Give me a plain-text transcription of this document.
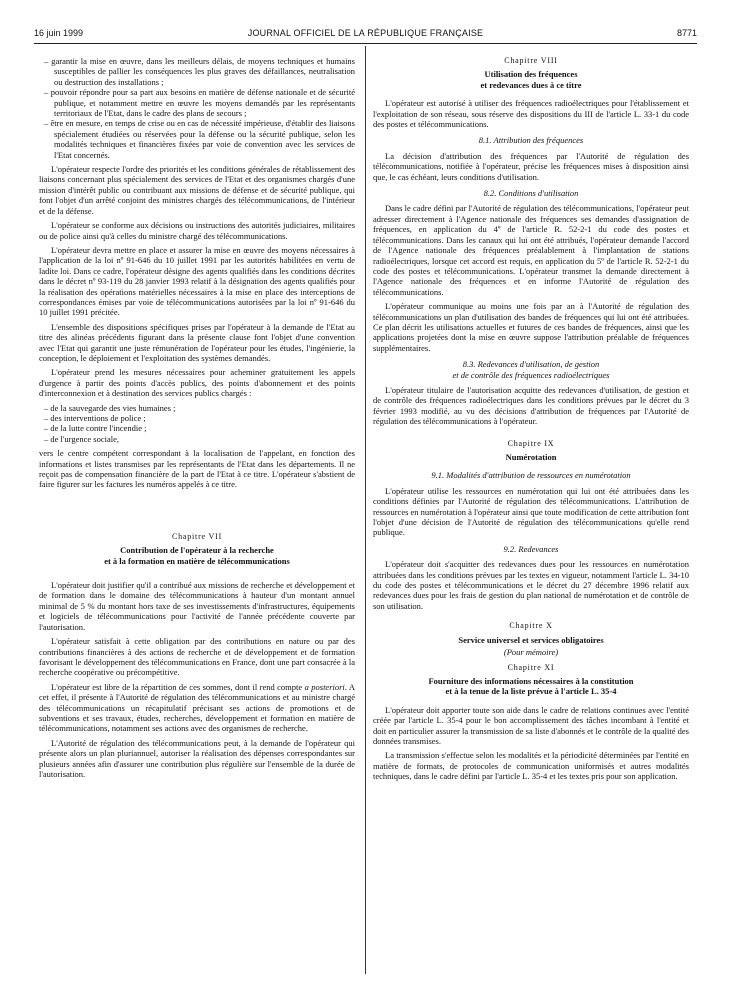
16 juin 1999	JOURNAL OFFICIEL DE LA RÉPUBLIQUE FRANÇAISE	8771

– garantir la mise en œuvre, dans les meilleurs délais, de moyens techniques et humains susceptibles de pallier les conséquences les plus graves des défaillances, neutralisation ou destruction des installations ;

– pouvoir répondre pour sa part aux besoins en matière de défense nationale et de sécurité publique, et notamment mettre en œuvre les moyens demandés par les représentants territoriaux de l'Etat, dans le cadre des plans de secours ;

– être en mesure, en temps de crise ou en cas de nécessité impérieuse, d'établir des liaisons spécialement étudiées ou réservées pour la défense ou la sécurité publique, selon les modalités techniques et financières fixées par voie de convention avec les services de l'Etat concernés.

L'opérateur respecte l'ordre des priorités et les conditions générales de rétablissement des liaisons concernant plus spécialement des services de l'Etat et des organismes chargés d'une mission d'intérêt public ou contribuant aux missions de défense et de sécurité publique, qui font l'objet d'un arrêté conjoint des ministres chargés des télécommunications, de l'intérieur et de la défense.

L'opérateur se conforme aux décisions ou instructions des autorités judiciaires, militaires ou de police ainsi qu'à celles du ministre chargé des télécommunications.

L'opérateur devra mettre en place et assurer la mise en œuvre des moyens nécessaires à l'application de la loi nº 91-646 du 10 juillet 1991 par les autorités habilitées en vertu de ladite loi. Dans ce cadre, l'opérateur désigne des agents qualifiés dans les conditions décrites dans le décret nº 93-119 du 28 janvier 1993 relatif à la désignation des agents qualifiés pour la réalisation des opérations matérielles nécessaires à la mise en place des interceptions de correspondances émises par voie de télécommunications autorisées par la loi nº 91-646 du 10 juillet 1991 précitée.

L'ensemble des dispositions spécifiques prises par l'opérateur à la demande de l'Etat au titre des alinéas précédents figurant dans la présente clause font l'objet d'une convention avec l'Etat qui garantit une juste rémunération de l'opérateur pour les études, l'ingénierie, la conception, le déploiement et l'exploitation des systèmes demandés.

L'opérateur prend les mesures nécessaires pour acheminer gratuitement les appels d'urgence à partir des points d'accès publics, des points d'abonnement et des points d'interconnexion et à destination des services publics chargés :

– de la sauvegarde des vies humaines ;

– des interventions de police ;

– de la lutte contre l'incendie ;

– de l'urgence sociale,

vers le centre compétent correspondant à la localisation de l'appelant, en fonction des informations et listes transmises par les représentants de l'Etat dans les départements. Il ne reçoit pas de compensation financière de la part de l'Etat à ce titre. L'opérateur s'abstient de faire figurer sur les factures les numéros appelés à ce titre.

Chapitre VII

Contribution de l'opérateur à la recherche
et à la formation en matière de télécommunications

L'opérateur doit justifier qu'il a contribué aux missions de recherche et développement et de formation dans le domaine des télécommunications à hauteur d'un montant annuel minimal de 5 % du montant hors taxe de ses investissements d'infrastructures, équipements et logiciels de télécommunications pour l'activité de l'année précédente couverte par l'autorisation.

L'opérateur satisfait à cette obligation par des contributions en nature ou par des contributions financières à des actions de recherche et de développement et de formation favorisant le développement des télécommunications en France, dont une part consacrée à la recherche coopérative ou précompétitive.

L'opérateur est libre de la répartition de ces sommes, dont il rend compte a posteriori. A cet effet, il présente à l'Autorité de régulation des télécommunications et au ministre chargé des télécommunications un récapitulatif précisant ses actions de promotions et de subventions et ses travaux, études, recherches, développement et formation en matière de télécommunications, notamment ses actions avec des organismes de recherche.

L'Autorité de régulation des télécommunications peut, à la demande de l'opérateur qui présente alors un plan pluriannuel, autoriser la réalisation des dépenses correspondantes sur plusieurs années afin d'assurer une contribution plus régulière sur l'ensemble de la durée de l'autorisation.

Chapitre VIII

Utilisation des fréquences
et redevances dues à ce titre

L'opérateur est autorisé à utiliser des fréquences radioélectriques pour l'établissement et l'exploitation de son réseau, sous réserve des dispositions du III de l'article L. 33-1 du code des postes et télécommunications.

8.1. Attribution des fréquences

La décision d'attribution des fréquences par l'Autorité de régulation des télécommunications, notifiée à l'opérateur, précise les fréquences mises à disposition ainsi que, le cas échéant, leurs conditions d'utilisation.

8.2. Conditions d'utilisation

Dans le cadre défini par l'Autorité de régulation des télécommunications, l'opérateur peut adresser directement à l'Agence nationale des fréquences ses demandes d'assignation de fréquences, en application du 4º de l'article R. 52-2-1 du code des postes et télécommunications. Dans les canaux qui lui ont été attribués, l'opérateur demande l'accord de l'Agence nationale des fréquences préalablement à l'implantation de stations radioélectriques, lorsque cet accord est requis, en application du 5º de l'article R. 52-2-1 du code des postes et télécommunications. L'opérateur transmet la demande directement à l'Agence nationale des fréquences et en informe l'Autorité de régulation des télécommunications.

L'opérateur communique au moins une fois par an à l'Autorité de régulation des télécommunications un plan d'utilisation des bandes de fréquences qui lui ont été attribuées. Ce plan décrit les utilisations actuelles et futures de ces bandes de fréquences, ainsi que les applications projetées dont la mise en œuvre suppose l'attribution préalable de fréquences supplémentaires.

8.3. Redevances d'utilisation, de gestion
et de contrôle des fréquences radioélectriques

L'opérateur titulaire de l'autorisation acquitte des redevances d'utilisation, de gestion et de contrôle des fréquences radioélectriques dans les conditions prévues par le décret du 3 février 1993 modifié, au vu des décisions d'attribution de fréquences par l'Autorité de régulation des télécommunications à l'opérateur.

Chapitre IX

Numérotation

9.1. Modalités d'attribution de ressources en numérotation

L'opérateur utilise les ressources en numérotation qui lui ont été attribuées dans les conditions définies par l'Autorité de régulation des télécommunications. L'attribution de ressources en numérotation à l'opérateur ainsi que toute modification de cette attribution font l'objet d'une décision de l'Autorité de régulation des télécommunications qu'elle rend publique.

9.2. Redevances

L'opérateur doit s'acquitter des redevances dues pour les ressources en numérotation attribuées dans les conditions prévues par les textes en vigueur, notamment l'article L. 34-10 du code des postes et télécommunications et le décret du 27 décembre 1996 relatif aux redevances dues pour les frais de gestion du plan national de numérotation et de contrôle de son utilisation.

Chapitre X

Service universel et services obligatoires

(Pour mémoire)

Chapitre XI

Fourniture des informations nécessaires à la constitution
et à la tenue de la liste prévue à l'article L. 35-4

L'opérateur doit apporter toute son aide dans le cadre de relations continues avec l'entité créée par l'article L. 35-4 pour le bon accomplissement des tâches incombant à l'entité et doit en particulier assurer la transmission de sa liste d'abonnés et le contrôle de la qualité des données transmises.

La transmission s'effectue selon les modalités et la périodicité déterminées par l'entité en matière de formats, de protocoles de communication uniformisés et autres modalités techniques, dans le cadre défini par l'article L. 35-4 et les textes pris pour son application.
